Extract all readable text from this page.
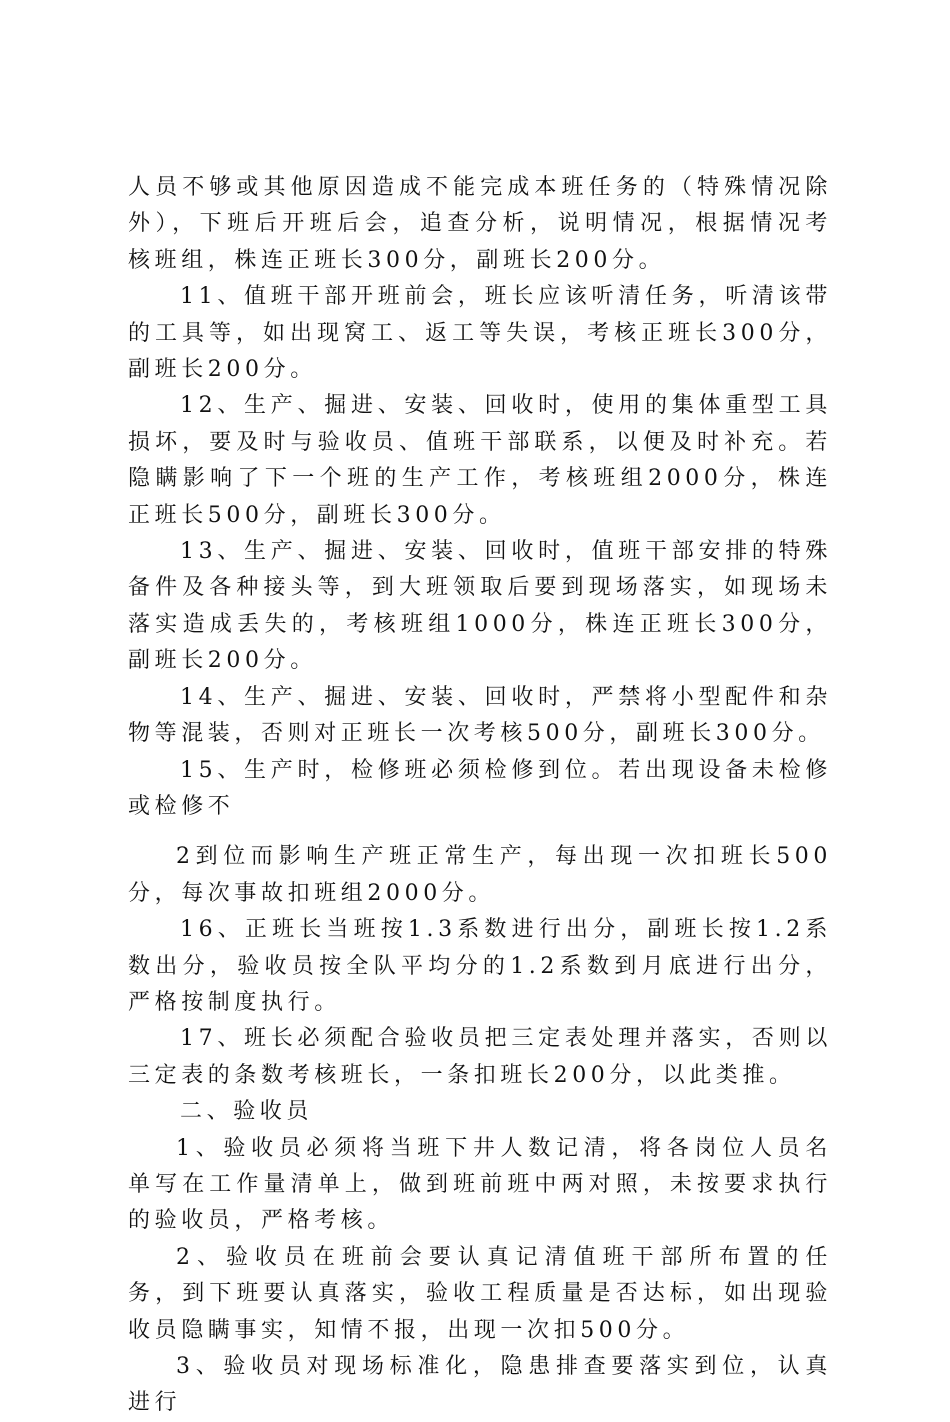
人员不够或其他原因造成不能完成本班任务的（特殊情况除外），下班后开班后会，追查分析，说明情况，根据情况考核班组，株连正班长300分，副班长200分。

11、值班干部开班前会，班长应该听清任务，听清该带的工具等，如出现窝工、返工等失误，考核正班长300分，副班长200分。

12、生产、掘进、安装、回收时，使用的集体重型工具损坏，要及时与验收员、值班干部联系，以便及时补充。若隐瞒影响了下一个班的生产工作，考核班组2000分，株连正班长500分，副班长300分。

13、生产、掘进、安装、回收时，值班干部安排的特殊备件及各种接头等，到大班领取后要到现场落实，如现场未落实造成丢失的，考核班组1000分，株连正班长300分，副班长200分。

14、生产、掘进、安装、回收时，严禁将小型配件和杂物等混装，否则对正班长一次考核500分，副班长300分。

15、生产时，检修班必须检修到位。若出现设备未检修或检修不

2到位而影响生产班正常生产，每出现一次扣班长500分，每次事故扣班组2000分。

16、正班长当班按1.3系数进行出分，副班长按1.2系数出分，验收员按全队平均分的1.2系数到月底进行出分，严格按制度执行。

17、班长必须配合验收员把三定表处理并落实，否则以三定表的条数考核班长，一条扣班长200分，以此类推。

二、验收员

1、验收员必须将当班下井人数记清，将各岗位人员名单写在工作量清单上，做到班前班中两对照，未按要求执行的验收员，严格考核。

2、验收员在班前会要认真记清值班干部所布置的任务，到下班要认真落实，验收工程质量是否达标，如出现验收员隐瞒事实，知情不报，出现一次扣500分。

3、验收员对现场标准化，隐患排查要落实到位，认真进行
